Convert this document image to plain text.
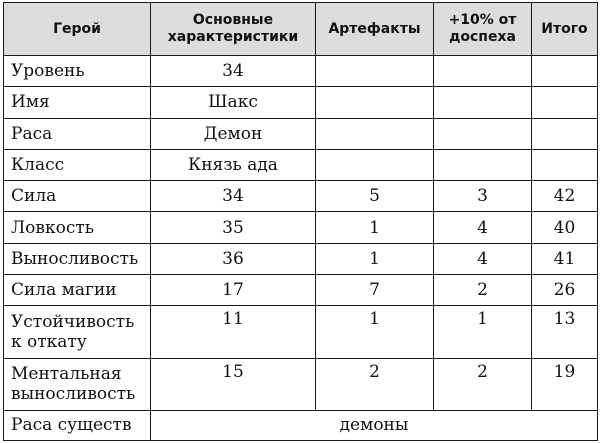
Герой	Основные характеристики	Артефакты	+10% от доспеха	Итого
Уровень	34			
Имя	Шакс			
Раса	Демон			
Класс	Князь ада			
Сила	34	5	3	42
Ловкость	35	1	4	40
Выносливость	36	1	4	41
Сила магии	17	7	2	26
Устойчивость к откату	11	1	1	13
Ментальная выносливость	15	2	2	19
Раса существ	демоны			
